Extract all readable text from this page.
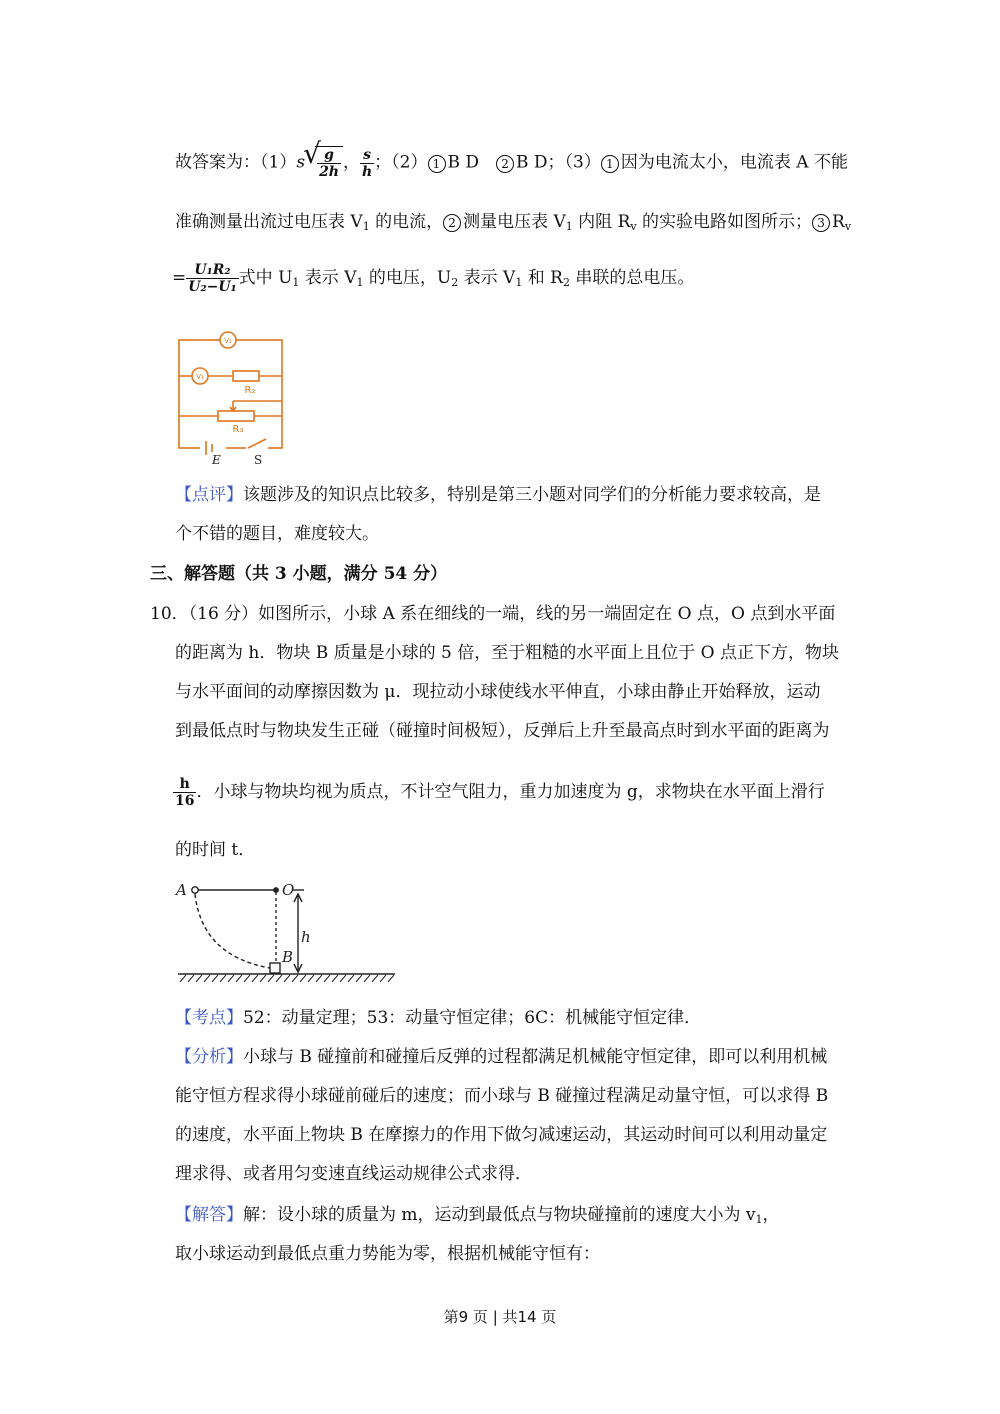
故答案为：（1）s
√ $\frac{g}{2h}$ ， $\frac{s}{h}$ ；（2） 1 B D　2 B D；（3） 1 因为电流太小，电流表 A 不能
准确测量出流过电压表 $V_1$ 的电流， 2 测量电压表 $V_1$ 内阻 $R_v$ 的实验电路如图所示； 3 $R_v$
= $\frac{\text{U₁R₂}}{\text{U₂−U₁}}$ 式中 $U_1$ 表示 $V_1$ 的电压，$U_2$ 表示 $V_1$ 和 $R_2$ 串联的总电压。
V₂
V₁
R₂
R₃
E	S
【点评】该题涉及的知识点比较多，特别是第三小题对同学们的分析能力要求较高，是
个不错的题目，难度较大。
三、解答题（共 3 小题，满分 54 分）
10．（16 分）如图所示，小球 A 系在细线的一端，线的另一端固定在 O 点，O 点到水平面
的距离为 h．物块 B 质量是小球的 5 倍，至于粗糙的水平面上且位于 O 点正下方，物块
与水平面间的动摩擦因数为 μ．现拉动小球使线水平伸直，小球由静止开始释放，运动
到最低点时与物块发生正碰（碰撞时间极短），反弹后上升至最高点时到水平面的距离为
$\frac{h}{16}$ ．小球与物块均视为质点，不计空气阻力，重力加速度为 g，求物块在水平面上滑行
的时间 t．
A	O
h
B
【考点】52：动量定理；53：动量守恒定律；6C：机械能守恒定律．
【分析】小球与 B 碰撞前和碰撞后反弹的过程都满足机械能守恒定律，即可以利用机械
能守恒方程求得小球碰前碰后的速度；而小球与 B 碰撞过程满足动量守恒，可以求得 B
的速度，水平面上物块 B 在摩擦力的作用下做匀减速运动，其运动时间可以利用动量定
理求得、或者用匀变速直线运动规律公式求得．
【解答】解：设小球的质量为 m，运动到最低点与物块碰撞前的速度大小为 $v_1$，
取小球运动到最低点重力势能为零，根据机械能守恒有：
第9 页 | 共14 页
